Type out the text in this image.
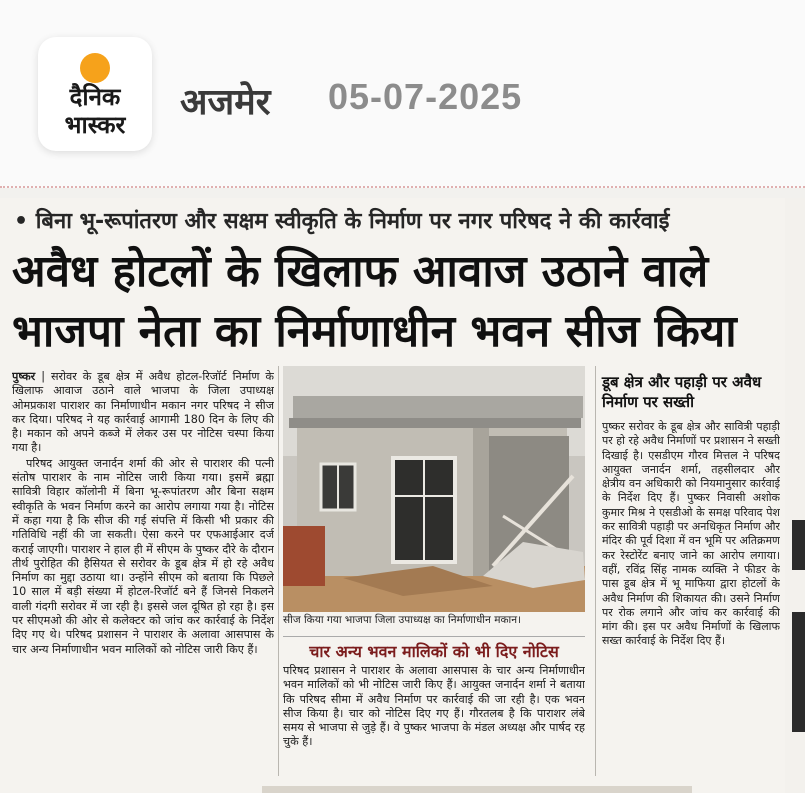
दैनिक
भास्कर
अजमेर 05-07-2025
• बिना भू-रूपांतरण और सक्षम स्वीकृति के निर्माण पर नगर परिषद ने की कार्रवाई
अवैध होटलों के खिलाफ आवाज उठाने वाले
भाजपा नेता का निर्माणाधीन भवन सीज किया

पुष्कर | सरोवर के डूब क्षेत्र में अवैध होटल-रिजॉर्ट निर्माण के खिलाफ आवाज उठाने वाले भाजपा के जिला उपाध्यक्ष ओमप्रकाश पाराशर का निर्माणाधीन मकान नगर परिषद ने सीज कर दिया। परिषद ने यह कार्रवाई आगामी 180 दिन के लिए की है। मकान को अपने कब्जे में लेकर उस पर नोटिस चस्पा किया गया है।

परिषद आयुक्त जनार्दन शर्मा की ओर से पाराशर की पत्नी संतोष पाराशर के नाम नोटिस जारी किया गया। इसमें ब्रह्मा सावित्री विहार कॉलोनी में बिना भू-रूपांतरण और बिना सक्षम स्वीकृति के भवन निर्माण करने का आरोप लगाया गया है। नोटिस में कहा गया है कि सीज की गई संपत्ति में किसी भी प्रकार की गतिविधि नहीं की जा सकती। ऐसा करने पर एफआईआर दर्ज कराई जाएगी। पाराशर ने हाल ही में सीएम के पुष्कर दौरे के दौरान तीर्थ पुरोहित की हैसियत से सरोवर के डूब क्षेत्र में हो रहे अवैध निर्माण का मुद्दा उठाया था। उन्होंने सीएम को बताया कि पिछले 10 साल में बड़ी संख्या में होटल-रिजॉर्ट बने हैं जिनसे निकलने वाली गंदगी सरोवर में जा रही है। इससे जल दूषित हो रहा है। इस पर सीएमओ की ओर से कलेक्टर को जांच कर कार्रवाई के निर्देश दिए गए थे। परिषद प्रशासन ने पाराशर के अलावा आसपास के चार अन्य निर्माणाधीन भवन मालिकों को नोटिस जारी किए हैं।

सीज किया गया भाजपा जिला उपाध्यक्ष का निर्माणाधीन मकान।
चार अन्य भवन मालिकों को भी दिए नोटिस
परिषद प्रशासन ने पाराशर के अलावा आसपास के चार अन्य निर्माणाधीन भवन मालिकों को भी नोटिस जारी किए हैं। आयुक्त जनार्दन शर्मा ने बताया कि परिषद सीमा में अवैध निर्माण पर कार्रवाई की जा रही है। एक भवन सीज किया है। चार को नोटिस दिए गए हैं। गौरतलब है कि पाराशर लंबे समय से भाजपा से जुड़े हैं। वे पुष्कर भाजपा के मंडल अध्यक्ष और पार्षद रह चुके हैं।
डूब क्षेत्र और पहाड़ी पर अवैध निर्माण पर सख्ती
पुष्कर सरोवर के डूब क्षेत्र और सावित्री पहाड़ी पर हो रहे अवैध निर्माणों पर प्रशासन ने सख्ती दिखाई है। एसडीएम गौरव मित्तल ने परिषद आयुक्त जनार्दन शर्मा, तहसीलदार और क्षेत्रीय वन अधिकारी को नियमानुसार कार्रवाई के निर्देश दिए हैं। पुष्कर निवासी अशोक कुमार मिश्र ने एसडीओ के समक्ष परिवाद पेश कर सावित्री पहाड़ी पर अनधिकृत निर्माण और मंदिर की पूर्व दिशा में वन भूमि पर अतिक्रमण कर रेस्टोरेंट बनाए जाने का आरोप लगाया। वहीं, रविंद्र सिंह नामक व्यक्ति ने फीडर के पास डूब क्षेत्र में भू माफिया द्वारा होटलों के अवैध निर्माण की शिकायत की। उसने निर्माण पर रोक लगाने और जांच कर कार्रवाई की मांग की। इस पर अवैध निर्माणों के खिलाफ सख्त कार्रवाई के निर्देश दिए हैं।
